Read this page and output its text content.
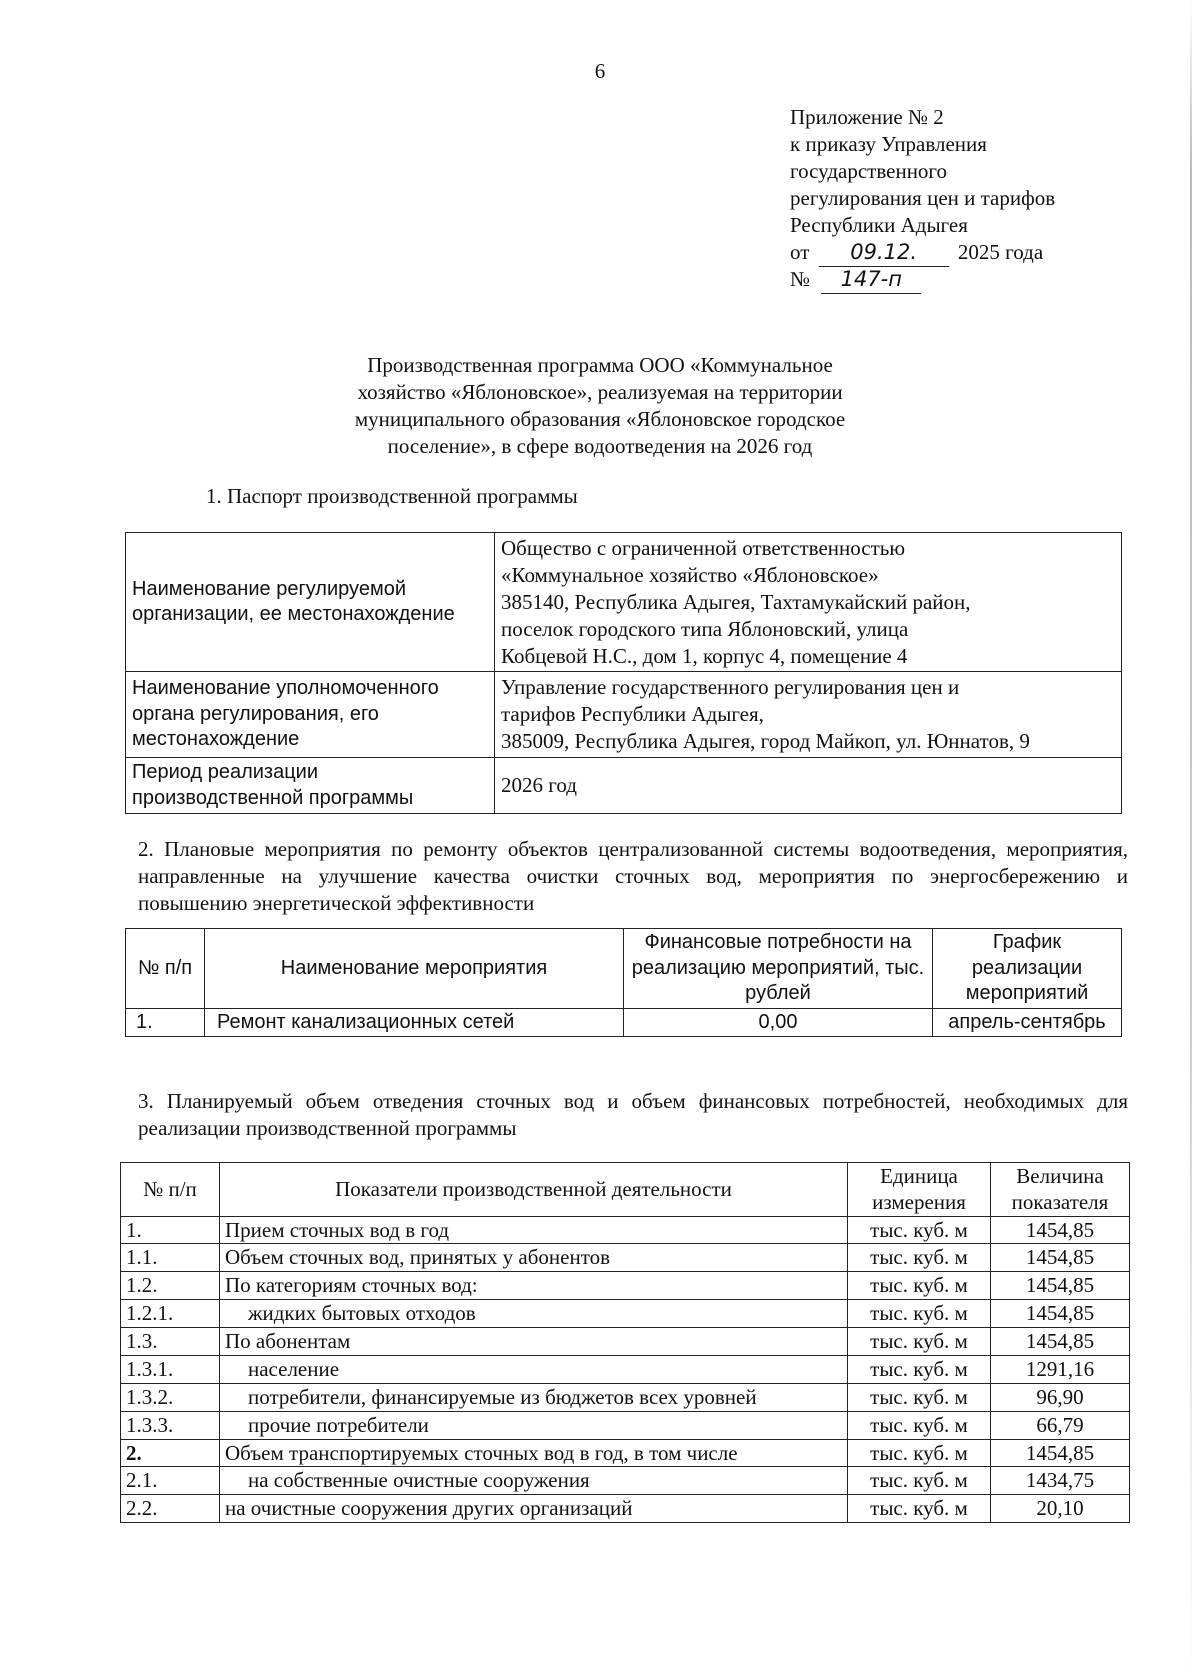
6
Приложение № 2
к приказу Управления
государственного
регулирования цен и тарифов
Республики Адыгея
от 09.12. 2025 года
№ 147-п
Производственная программа ООО «Коммунальное
хозяйство «Яблоновское», реализуемая на территории
муниципального образования «Яблоновское городское
поселение», в сфере водоотведения на 2026 год
1. Паспорт производственной программы
Наименование регулируемой организации, ее местонахождение	Общество с ограниченной ответственностью
«Коммунальное хозяйство «Яблоновское»
385140, Республика Адыгея, Тахтамукайский район,
поселок городского типа Яблоновский, улица
Кобцевой Н.С., дом 1, корпус 4, помещение 4

Наименование уполномоченного органа регулирования, его местонахождение	Управление государственного регулирования цен и
тарифов Республики Адыгея,
385009, Республика Адыгея, город Майкоп, ул. Юннатов, 9

Период реализации производственной программы	2026 год
2. Плановые мероприятия по ремонту объектов централизованной системы водоотведения, мероприятия, направленные на улучшение качества очистки сточных вод, мероприятия по энергосбережению и повышению энергетической эффективности
№ п/п	Наименование мероприятия	Финансовые потребности на реализацию мероприятий, тыс. рублей	График реализации мероприятий
1.	Ремонт канализационных сетей	0,00	апрель-сентябрь
3. Планируемый объем отведения сточных вод и объем финансовых потребностей, необходимых для реализации производственной программы
№ п/п	Показатели производственной деятельности	Единица измерения	Величина показателя
1.	Прием сточных вод в год	тыс. куб. м	1454,85
1.1.	Объем сточных вод, принятых у абонентов	тыс. куб. м	1454,85
1.2.	По категориям сточных вод:	тыс. куб. м	1454,85
1.2.1.	жидких бытовых отходов	тыс. куб. м	1454,85
1.3.	По абонентам	тыс. куб. м	1454,85
1.3.1.	население	тыс. куб. м	1291,16
1.3.2.	потребители, финансируемые из бюджетов всех уровней	тыс. куб. м	96,90
1.3.3.	прочие потребители	тыс. куб. м	66,79
2.	Объем транспортируемых сточных вод в год, в том числе	тыс. куб. м	1454,85
2.1.	на собственные очистные сооружения	тыс. куб. м	1434,75
2.2.	на очистные сооружения других организаций	тыс. куб. м	20,10
